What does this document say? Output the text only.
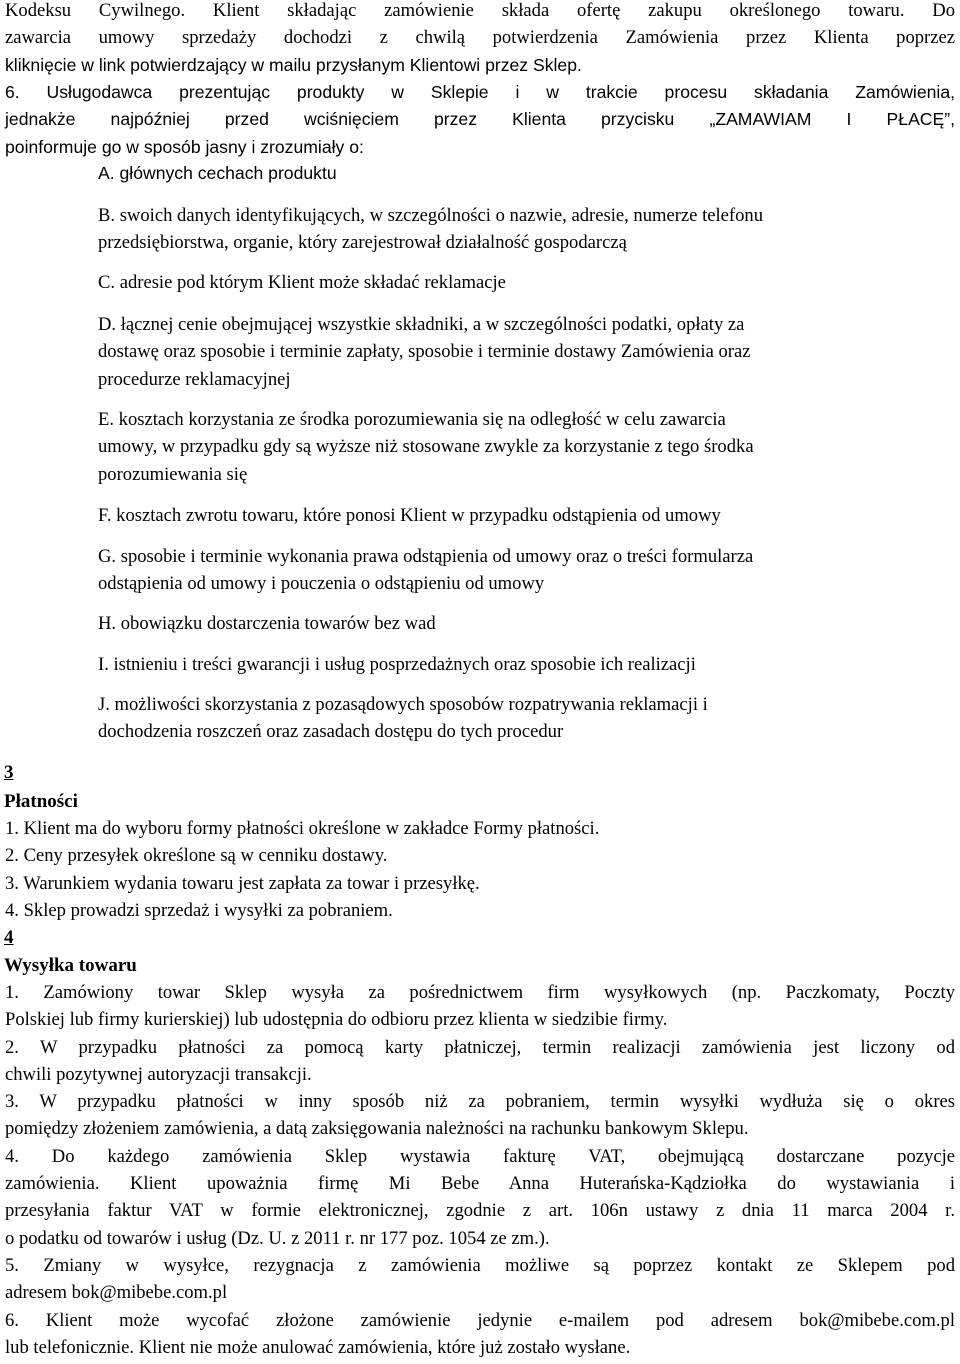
Kodeksu Cywilnego. Klient składając zamówienie składa ofertę zakupu określonego towaru. Do

zawarcia umowy sprzedaży dochodzi z chwilą potwierdzenia Zamówienia przez Klienta poprzez

kliknięcie w link potwierdzający w mailu przysłanym Klientowi przez Sklep.

6. Usługodawca prezentując produkty w Sklepie i w trakcie procesu składania Zamówienia,

jednakże najpóźniej przed wciśnięciem przez Klienta przycisku „ZAMAWIAM I PŁACĘ”,

poinformuje go w sposób jasny i zrozumiały o:

A. głównych cechach produktu

B. swoich danych identyfikujących, w szczególności o nazwie, adresie, numerze telefonu

przedsiębiorstwa, organie, który zarejestrował działalność gospodarczą

C. adresie pod którym Klient może składać reklamacje

D. łącznej cenie obejmującej wszystkie składniki, a w szczególności podatki, opłaty za

dostawę oraz sposobie i terminie zapłaty, sposobie i terminie dostawy Zamówienia oraz

procedurze reklamacyjnej

E. kosztach korzystania ze środka porozumiewania się na odległość w celu zawarcia

umowy, w przypadku gdy są wyższe niż stosowane zwykle za korzystanie z tego środka

porozumiewania się

F. kosztach zwrotu towaru, które ponosi Klient w przypadku odstąpienia od umowy

G. sposobie i terminie wykonania prawa odstąpienia od umowy oraz o treści formularza

odstąpienia od umowy i pouczenia o odstąpieniu od umowy

H. obowiązku dostarczenia towarów bez wad

I. istnieniu i treści gwarancji i usług posprzedażnych oraz sposobie ich realizacji

J. możliwości skorzystania z pozasądowych sposobów rozpatrywania reklamacji i

dochodzenia roszczeń oraz zasadach dostępu do tych procedur

3
Płatności

1. Klient ma do wyboru formy płatności określone w zakładce Formy płatności.

2. Ceny przesyłek określone są w cenniku dostawy.

3. Warunkiem wydania towaru jest zapłata za towar i przesyłkę.

4. Sklep prowadzi sprzedaż i wysyłki za pobraniem.

4
Wysyłka towaru

1. Zamówiony towar Sklep wysyła za pośrednictwem firm wysyłkowych (np. Paczkomaty, Poczty

Polskiej lub firmy kurierskiej) lub udostępnia do odbioru przez klienta w siedzibie firmy.

2. W przypadku płatności za pomocą karty płatniczej, termin realizacji zamówienia jest liczony od

chwili pozytywnej autoryzacji transakcji.

3. W przypadku płatności w inny sposób niż za pobraniem, termin wysyłki wydłuża się o okres

pomiędzy złożeniem zamówienia, a datą zaksięgowania należności na rachunku bankowym Sklepu.

4. Do każdego zamówienia Sklep wystawia fakturę VAT, obejmującą dostarczane pozycje

zamówienia. Klient upoważnia firmę Mi Bebe Anna Huterańska-Kądziołka do wystawiania i

przesyłania faktur VAT w formie elektronicznej, zgodnie z art. 106n ustawy z dnia 11 marca 2004 r.

o podatku od towarów i usług (Dz. U. z 2011 r. nr 177 poz. 1054 ze zm.).

5. Zmiany w wysyłce, rezygnacja z zamówienia możliwe są poprzez kontakt ze Sklepem pod

adresem bok@mibebe.com.pl

6. Klient może wycofać złożone zamówienie jedynie e-mailem pod adresem bok@mibebe.com.pl

lub telefonicznie. Klient nie może anulować zamówienia, które już zostało wysłane.
